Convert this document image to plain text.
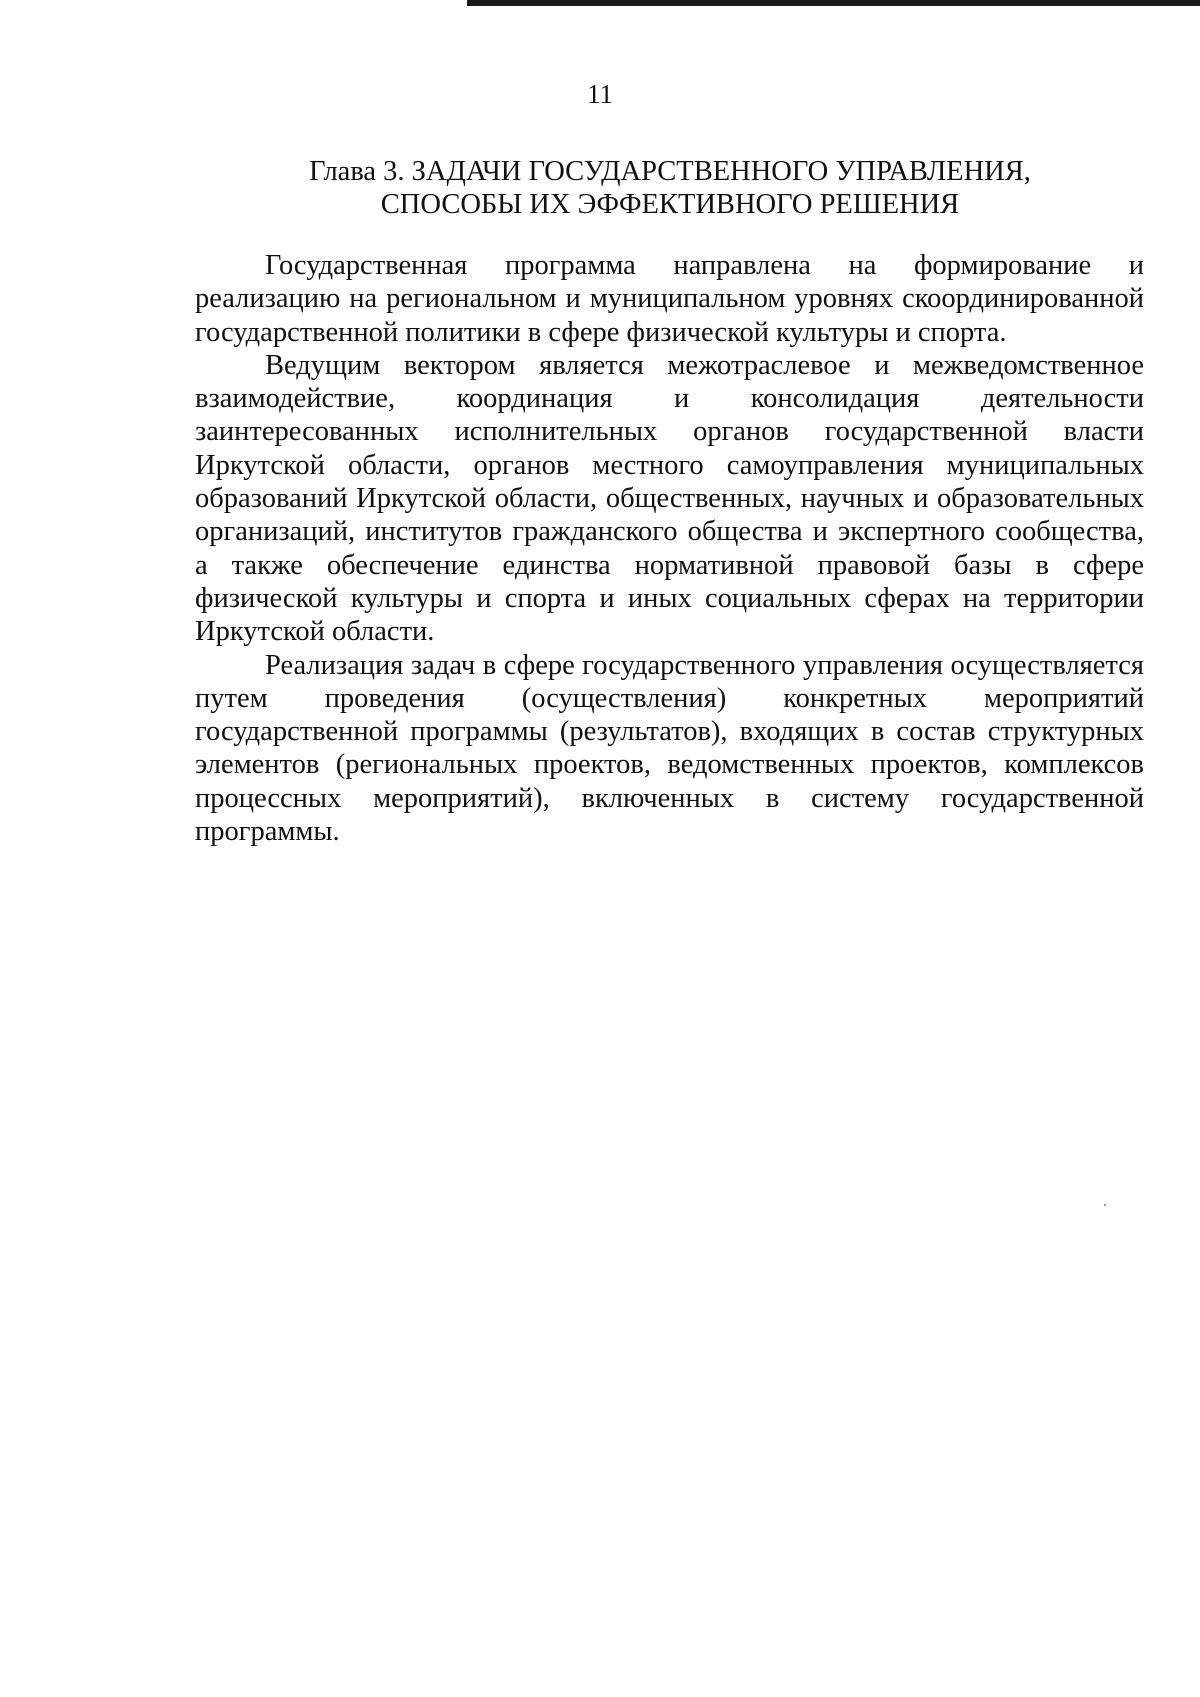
11
Глава 3. ЗАДАЧИ ГОСУДАРСТВЕННОГО УПРАВЛЕНИЯ,
СПОСОБЫ ИХ ЭФФЕКТИВНОГО РЕШЕНИЯ

Государственная программа направлена на формирование и реализацию на региональном и муниципальном уровнях скоординированной государственной политики в сфере физической культуры и спорта.

Ведущим вектором является межотраслевое и межведомственное взаимодействие, координация и консолидация деятельности заинтересованных исполнительных органов государственной власти Иркутской области, органов местного самоуправления муниципальных образований Иркутской области, общественных, научных и образовательных организаций, институтов гражданского общества и экспертного сообщества, а также обеспечение единства нормативной правовой базы в сфере физической культуры и спорта и иных социальных сферах на территории Иркутской области.

Реализация задач в сфере государственного управления осуществляется путем проведения (осуществления) конкретных мероприятий государственной программы (результатов), входящих в состав структурных элементов (региональных проектов, ведомственных проектов, комплексов процессных мероприятий), включенных в систему государственной программы.
